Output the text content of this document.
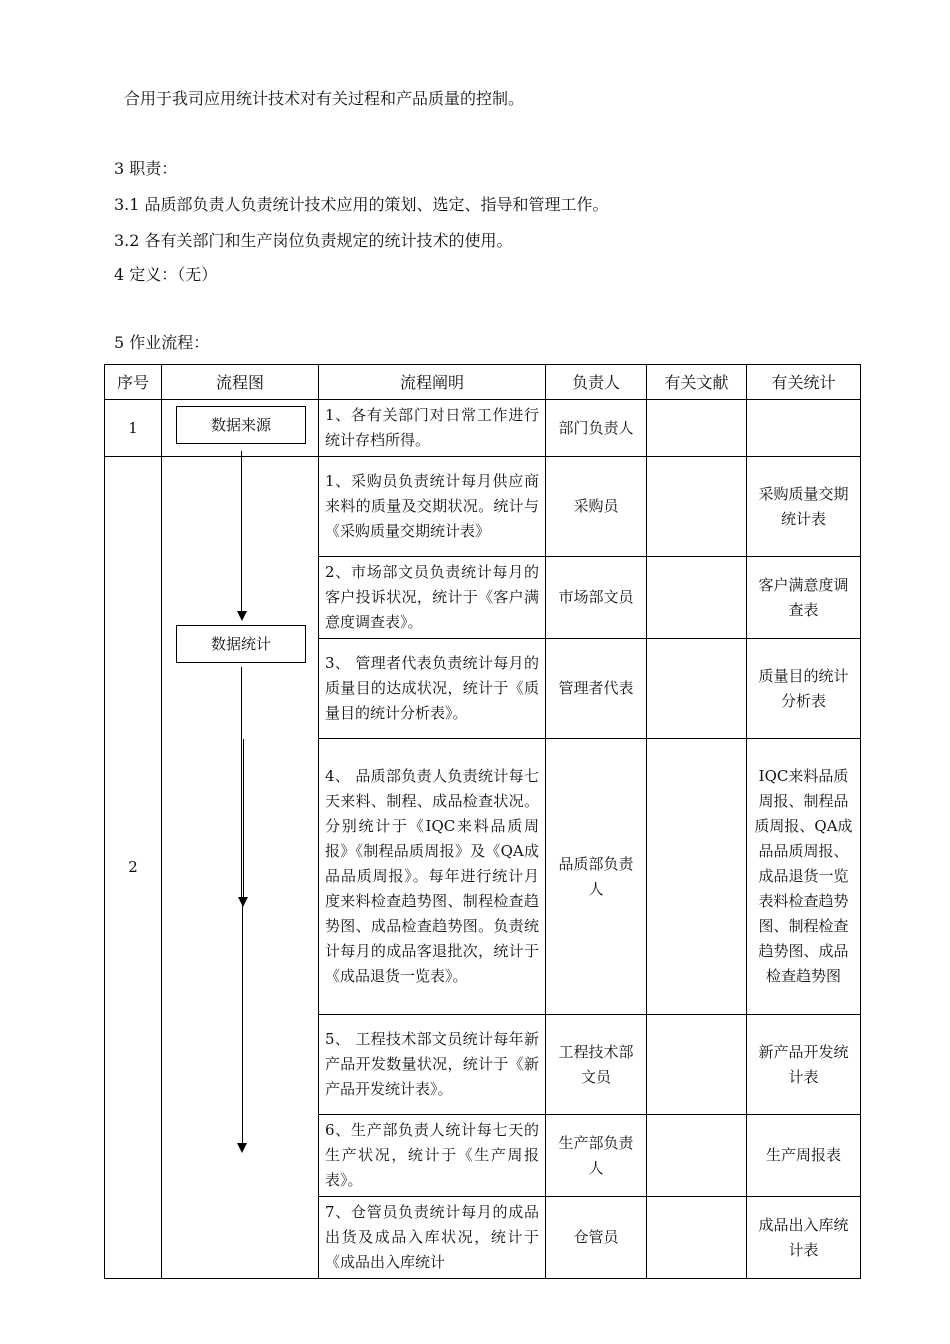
合用于我司应用统计技术对有关过程和产品质量的控制。
3 职责：
3.1 品质部负责人负责统计技术应用的策划、选定、指导和管理工作。
3.2 各有关部门和生产岗位负责规定的统计技术的使用。
4 定义：（无）
5 作业流程：
序号	流程图	流程阐明	负责人	有关文献	有关统计
1	数据来源	1、各有关部门对日常工作进行统计存档所得。	部门负责人		
2	数据统计	1、采购员负责统计每月供应商来料的质量及交期状况。统计与《采购质量交期统计表》	采购员		采购质量交期统计表
		2、市场部文员负责统计每月的客户投诉状况，统计于《客户满意度调查表》。	市场部文员		客户满意度调查表
		3、 管理者代表负责统计每月的质量目的达成状况，统计于《质量目的统计分析表》。	管理者代表		质量目的统计分析表
		4、 品质部负责人负责统计每七天来料、制程、成品检查状况。分别统计于《IQC来料品质周报》《制程品质周报》及《QA成品品质周报》。每年进行统计月度来料检查趋势图、制程检查趋势图、成品检查趋势图。负责统计每月的成品客退批次，统计于《成品退货一览表》。	品质部负责人		IQC来料品质周报、制程品质周报、QA成品品质周报、成品退货一览表料检查趋势图、制程检查趋势图、成品检查趋势图
		5、 工程技术部文员统计每年新产品开发数量状况，统计于《新产品开发统计表》。	工程技术部文员		新产品开发统计表
		6、生产部负责人统计每七天的生产状况，统计于《生产周报表》。	生产部负责人		生产周报表
		7、仓管员负责统计每月的成品出货及成品入库状况，统计于《成品出入库统计	仓管员		成品出入库统计表
